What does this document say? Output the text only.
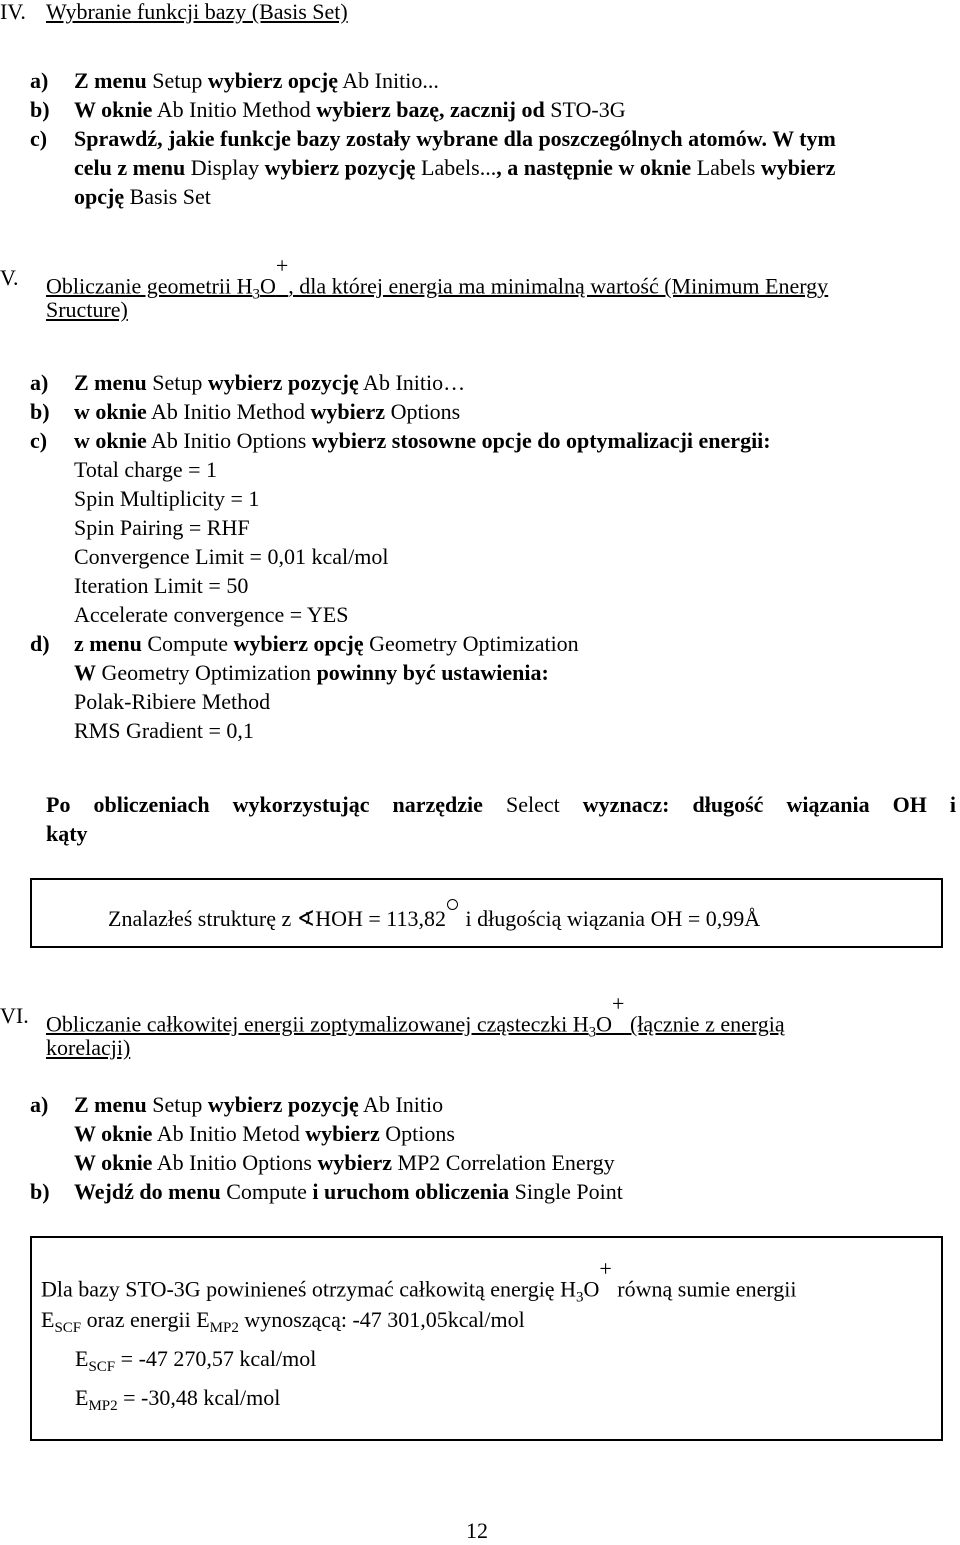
IV. Wybranie funkcji bazy (Basis Set)
a) Z menu Setup wybierz opcję Ab Initio...
b) W oknie Ab Initio Method wybierz bazę, zacznij od STO-3G
c) Sprawdź, jakie funkcje bazy zostały wybrane dla poszczególnych atomów. W tym
celu z menu Display wybierz pozycję Labels..., a następnie w oknie Labels wybierz
opcję Basis Set
V. Obliczanie geometrii $H_3O^+$, dla której energia ma minimalną wartość (Minimum Energy
Sructure)
a) Z menu Setup wybierz pozycję Ab Initio…
b) w oknie Ab Initio Method wybierz Options
c) w oknie Ab Initio Options wybierz stosowne opcje do optymalizacji energii:
Total charge = 1
Spin Multiplicity = 1
Spin Pairing = RHF
Convergence Limit = 0,01 kcal/mol
Iteration Limit = 50
Accelerate convergence = YES
d) z menu Compute wybierz opcję Geometry Optimization
W Geometry Optimization powinny być ustawienia:
Polak-Ribiere Method
RMS Gradient = 0,1
Po obliczeniach wykorzystując narzędzie Select wyznacz: długość wiązania OH i
kąty
Znalazłeś strukturę z ∢HOH = 113,82 i długością wiązania OH = 0,99Å
VI. Obliczanie całkowitej energii zoptymalizowanej cząsteczki $H_3O^+$ (łącznie z energią
korelacji)
a) Z menu Setup wybierz pozycję Ab Initio
W oknie Ab Initio Metod wybierz Options
W oknie Ab Initio Options wybierz MP2 Correlation Energy
b) Wejdź do menu Compute i uruchom obliczenia Single Point
Dla bazy STO-3G powinieneś otrzymać całkowitą energię $H_3O^+$ równą sumie energii
$E_{SCF}$ oraz energii $E_{MP2}$ wynoszącą: -47 301,05kcal/mol
$E_{SCF} = -47$ 270,57 kcal/mol
$E_{MP2} = -30,48$ kcal/mol
12
